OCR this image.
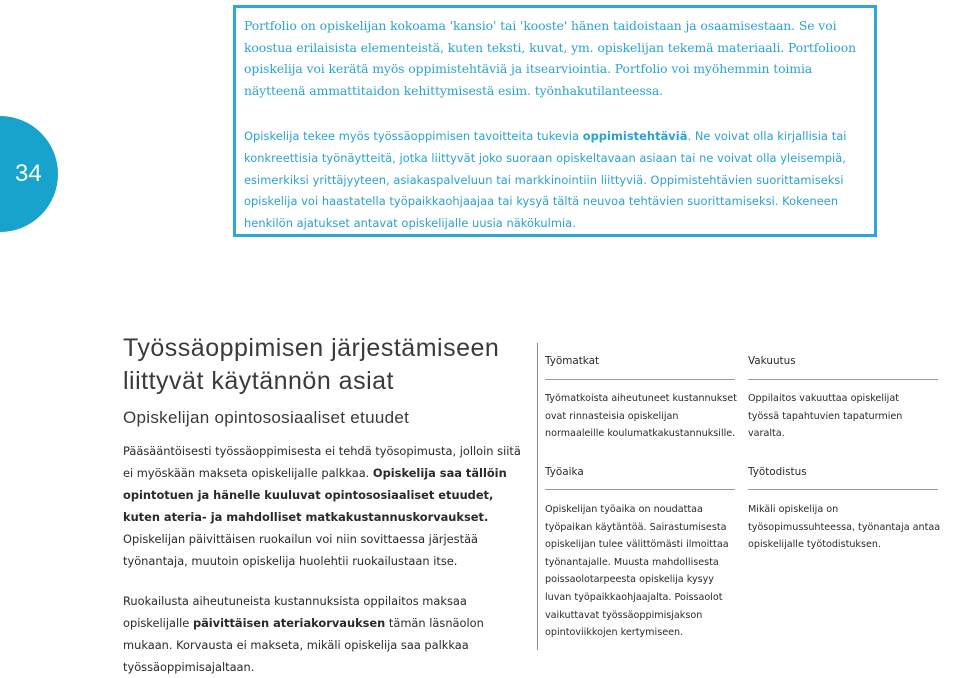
34

Portfolio on opiskelijan kokoama 'kansio' tai 'kooste' hänen taidoistaan ja osaamisestaan. Se voi koostua erilaisista elementeistä, kuten teksti, kuvat, ym. opiskelijan tekemä materiaali. Portfolioon opiskelija voi kerätä myös oppimistehtäviä ja itsearviointia. Portfolio voi myöhemmin toimia näytteenä ammattitaidon kehittymisestä esim. työnhakutilanteessa.

Opiskelija tekee myös työssäoppimisen tavoitteita tukevia oppimistehtäviä. Ne voivat olla kirjallisia tai konkreettisia työnäytteitä, jotka liittyvät joko suoraan opiskeltavaan asiaan tai ne voivat olla yleisempiä, esimerkiksi yrittäjyyteen, asiakaspalveluun tai markkinointiin liittyviä. Oppimistehtävien suorittamiseksi opiskelija voi haastatella työpaikkaohjaajaa tai kysyä tältä neuvoa tehtävien suorittamiseksi. Kokeneen henkilön ajatukset antavat opiskelijalle uusia näkökulmia.

Työssäoppimisen järjestämiseen liittyvät käytännön asiat
Opiskelijan opintososiaaliset etuudet

Pääsääntöisesti työssäoppimisesta ei tehdä työsopimusta, jolloin siitä ei myöskään makseta opiskelijalle palkkaa. Opiskelija saa tällöin opintotuen ja hänelle kuuluvat opintososiaaliset etuudet, kuten ateria- ja mahdolliset matkakustannuskorvaukset. Opiskelijan päivittäisen ruokailun voi niin sovittaessa järjestää työnantaja, muutoin opiskelija huolehtii ruokailustaan itse.

Ruokailusta aiheutuneista kustannuksista oppilaitos maksaa opiskelijalle päivittäisen ateriakorvauksen tämän läsnäolon mukaan. Korvausta ei makseta, mikäli opiskelija saa palkkaa työssäoppimisajaltaan.

Työmatkat
Työmatkoista aiheutuneet kustannukset ovat rinnasteisia opiskelijan normaaleille koulumatkakustannuksille.
Vakuutus
Oppilaitos vakuuttaa opiskelijat työssä tapahtuvien tapaturmien varalta.
Työaika
Opiskelijan työaika on noudattaa työpaikan käytäntöä. Sairastumisesta opiskelijan tulee välittömästi ilmoittaa työnantajalle. Muusta mahdollisesta poissaolotarpeesta opiskelija kysyy luvan työpaikkaohjaajalta. Poissaolot vaikuttavat työssäoppimisjakson opintoviikkojen kertymiseen.
Työtodistus
Mikäli opiskelija on työsopimussuhteessa, työnantaja antaa opiskelijalle työtodistuksen.
